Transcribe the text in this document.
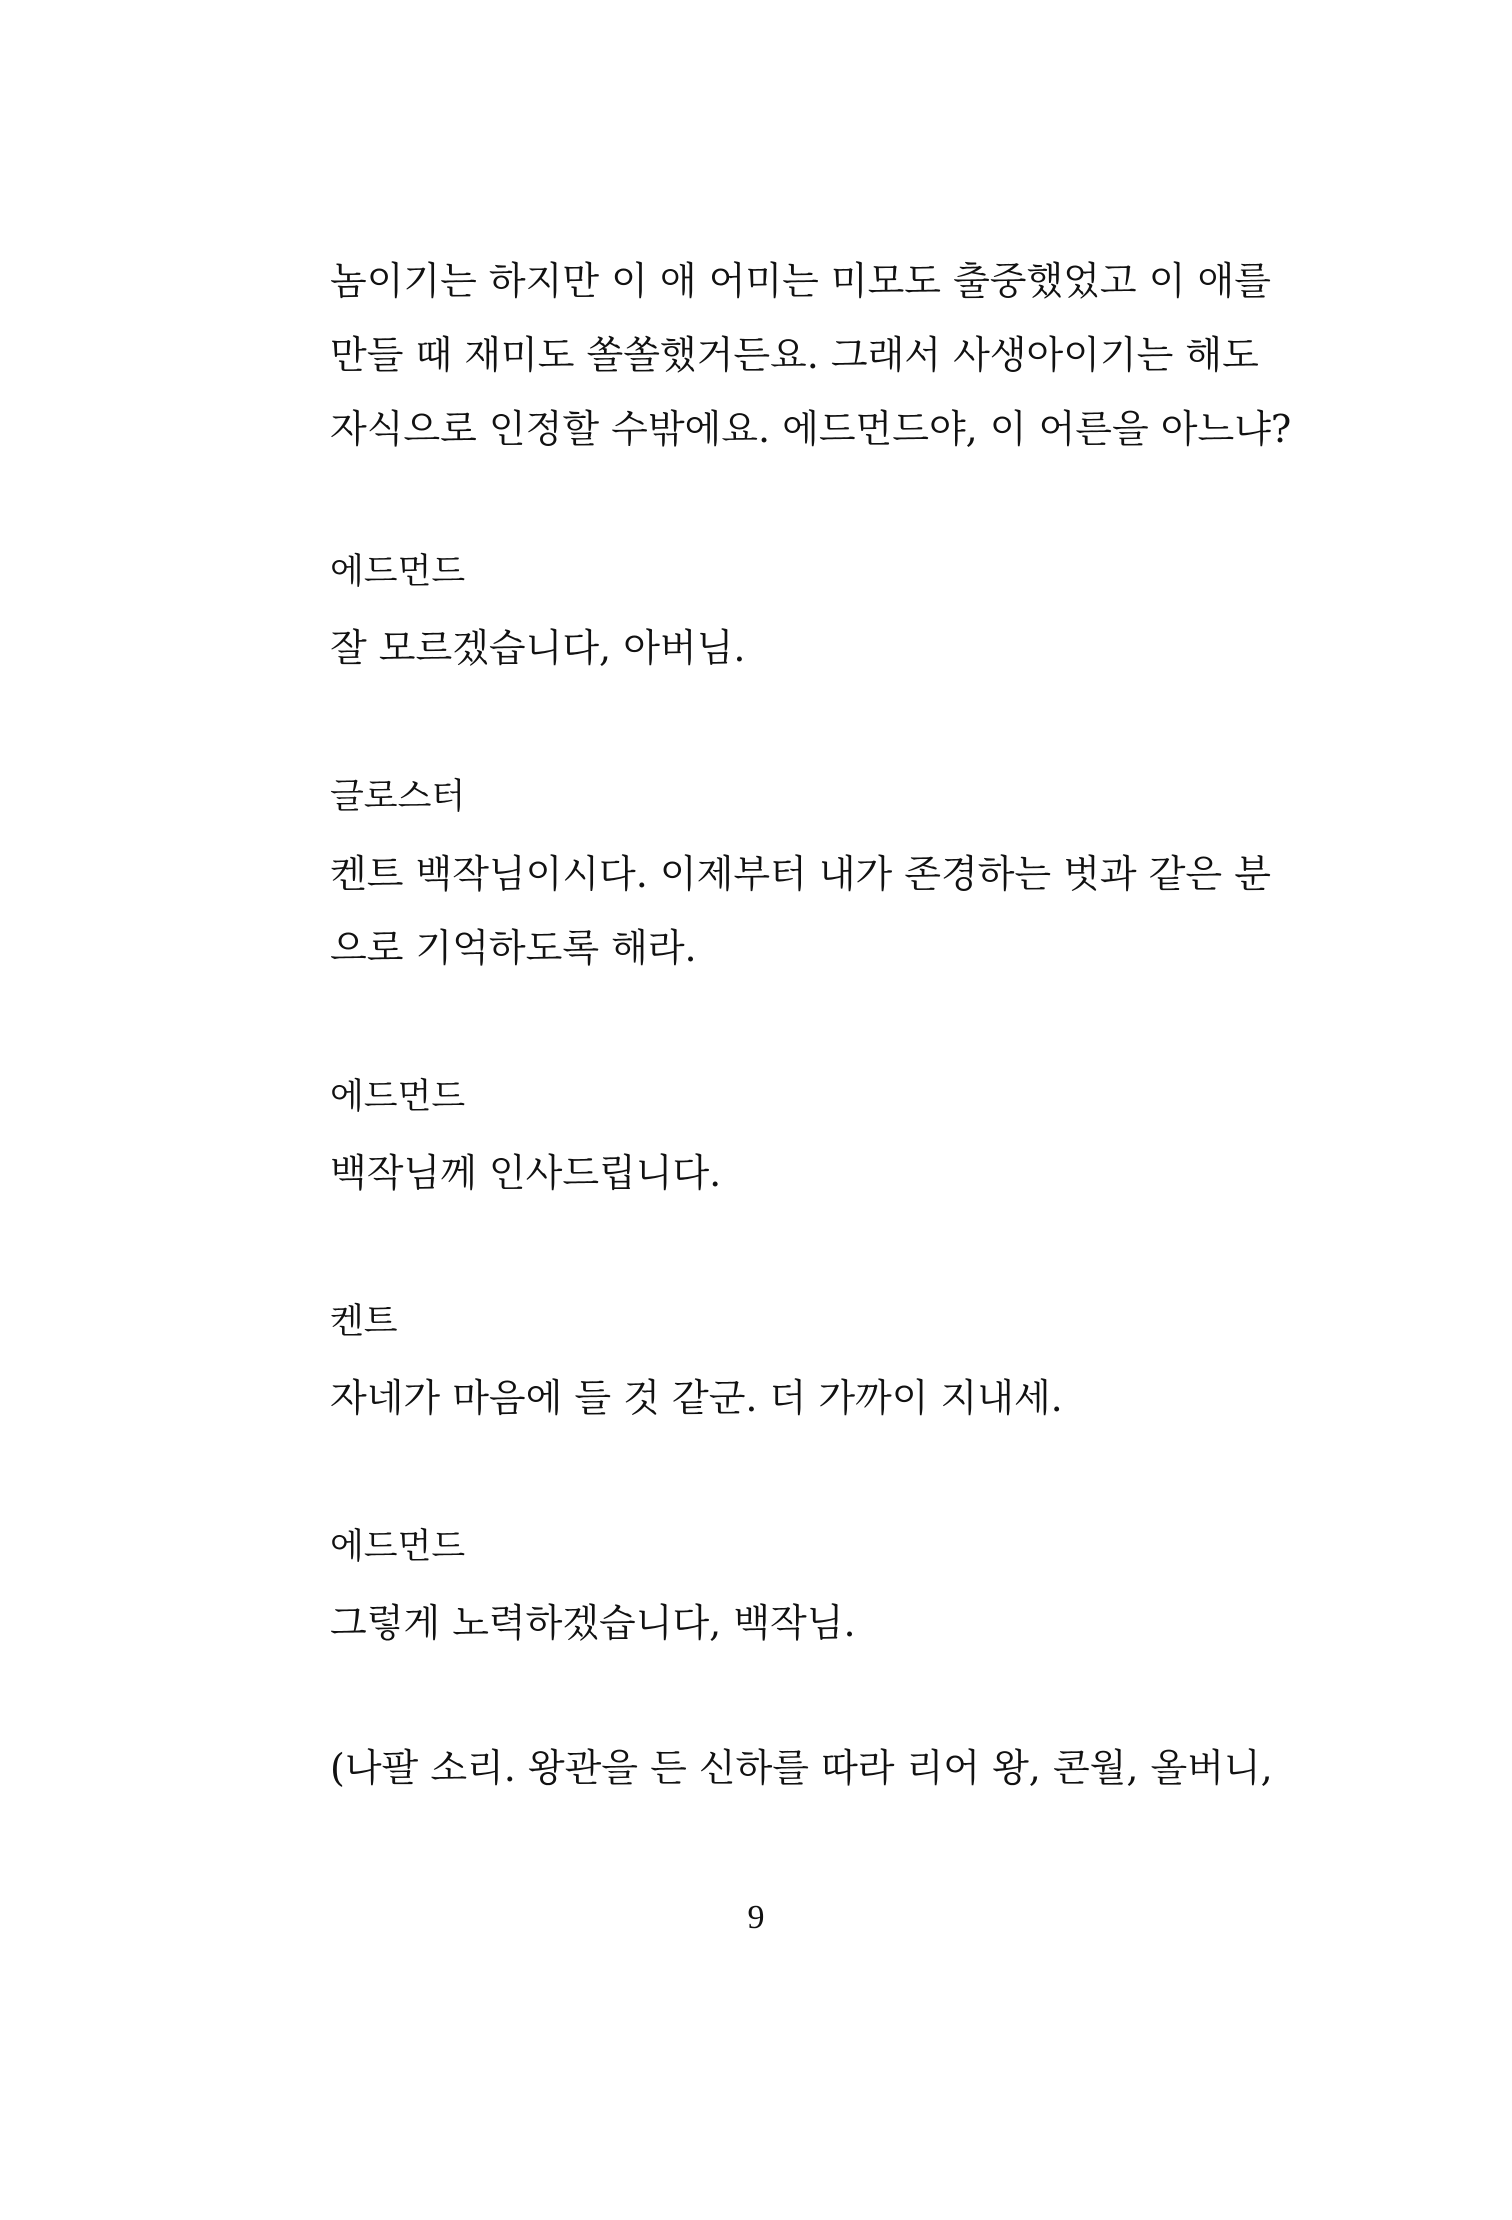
놈이기는 하지만 이 애 어미는 미모도 출중했었고 이 애를
만들 때 재미도 쏠쏠했거든요. 그래서 사생아이기는 해도
자식으로 인정할 수밖에요. 에드먼드야, 이 어른을 아느냐?

에드먼드

잘 모르겠습니다, 아버님.

글로스터

켄트 백작님이시다. 이제부터 내가 존경하는 벗과 같은 분
으로 기억하도록 해라.

에드먼드

백작님께 인사드립니다.

켄트

자네가 마음에 들 것 같군. 더 가까이 지내세.

에드먼드

그렇게 노력하겠습니다, 백작님.

(나팔 소리. 왕관을 든 신하를 따라 리어 왕, 콘월, 올버니,

9
